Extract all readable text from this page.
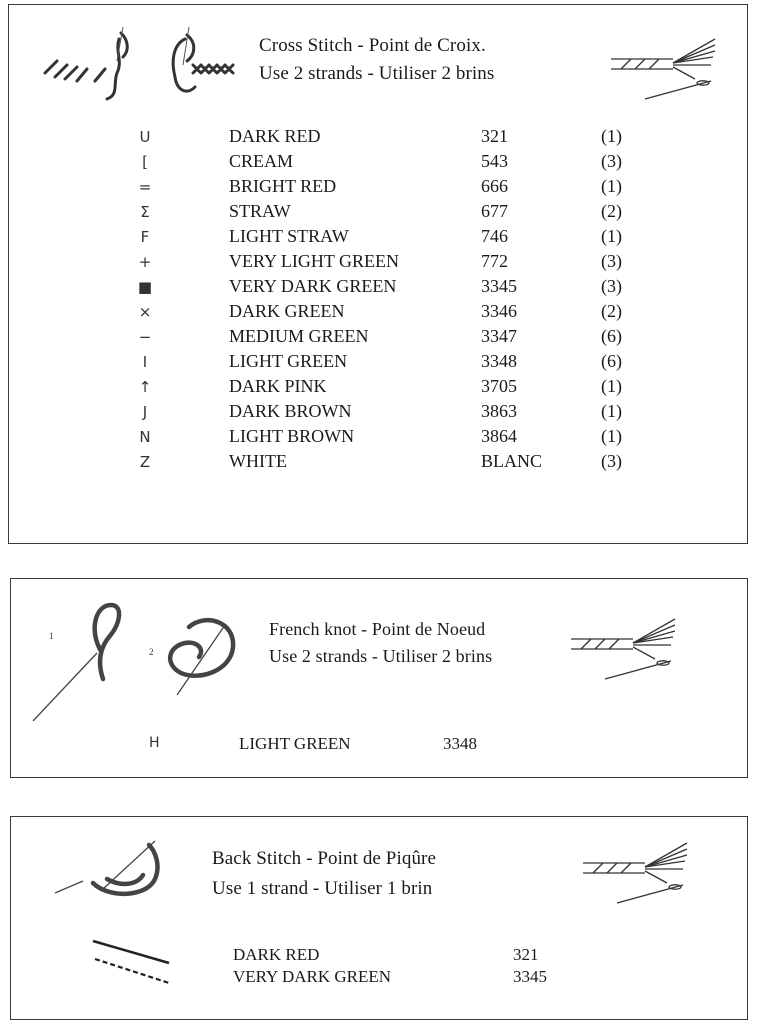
Cross Stitch - Point de Croix.
Use 2 strands - Utiliser 2 brins
U	DARK RED	321	(1)
[	CREAM	543	(3)
=	BRIGHT RED	666	(1)
Σ	STRAW	677	(2)
F	LIGHT STRAW	746	(1)
+	VERY LIGHT GREEN	772	(3)
■	VERY DARK GREEN	3345	(3)
×	DARK GREEN	3346	(2)
−	MEDIUM GREEN	3347	(6)
I	LIGHT GREEN	3348	(6)
↑	DARK PINK	3705	(1)
J	DARK BROWN	3863	(1)
N	LIGHT BROWN	3864	(1)
Z	WHITE	BLANC	(3)
1
2
French knot - Point de Noeud
Use 2 strands - Utiliser 2 brins
H	LIGHT GREEN	3348
Back Stitch - Point de Piqûre
Use 1 strand - Utiliser 1 brin
DARK RED	321
VERY DARK GREEN	3345
